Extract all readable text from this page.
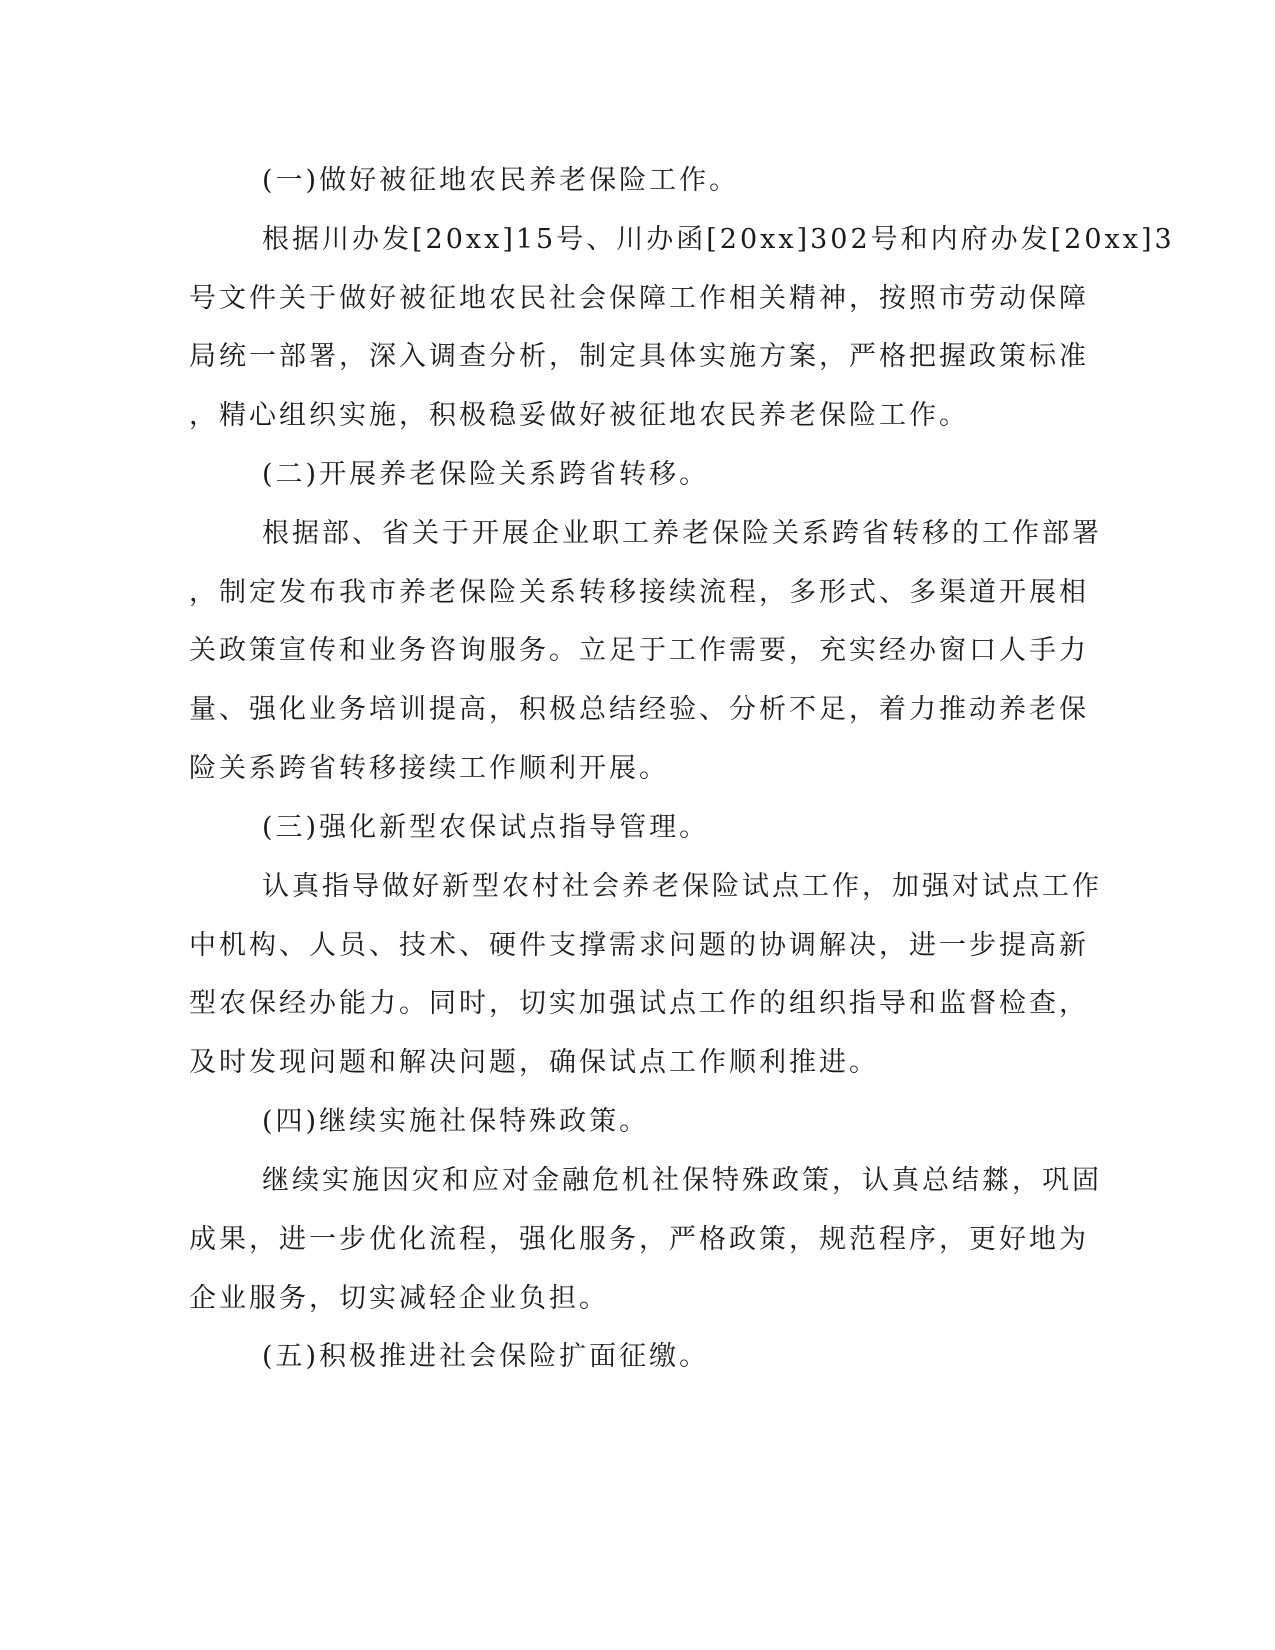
(一)做好被征地农民养老保险工作。
根据川办发[20xx]15号、川办函[20xx]302号和内府办发[20xx]3
号文件关于做好被征地农民社会保障工作相关精神，按照市劳动保障
局统一部署，深入调查分析，制定具体实施方案，严格把握政策标准
，精心组织实施，积极稳妥做好被征地农民养老保险工作。
(二)开展养老保险关系跨省转移。
根据部、省关于开展企业职工养老保险关系跨省转移的工作部署
，制定发布我市养老保险关系转移接续流程，多形式、多渠道开展相
关政策宣传和业务咨询服务。立足于工作需要，充实经办窗口人手力
量、强化业务培训提高，积极总结经验、分析不足，着力推动养老保
险关系跨省转移接续工作顺利开展。
(三)强化新型农保试点指导管理。
认真指导做好新型农村社会养老保险试点工作，加强对试点工作
中机构、人员、技术、硬件支撑需求问题的协调解决，进一步提高新
型农保经办能力。同时，切实加强试点工作的组织指导和监督检查，
及时发现问题和解决问题，确保试点工作顺利推进。
(四)继续实施社保特殊政策。
继续实施因灾和应对金融危机社保特殊政策，认真总结㵘，巩固
成果，进一步优化流程，强化服务，严格政策，规范程序，更好地为
企业服务，切实减轻企业负担。
(五)积极推进社会保险扩面征缴。
